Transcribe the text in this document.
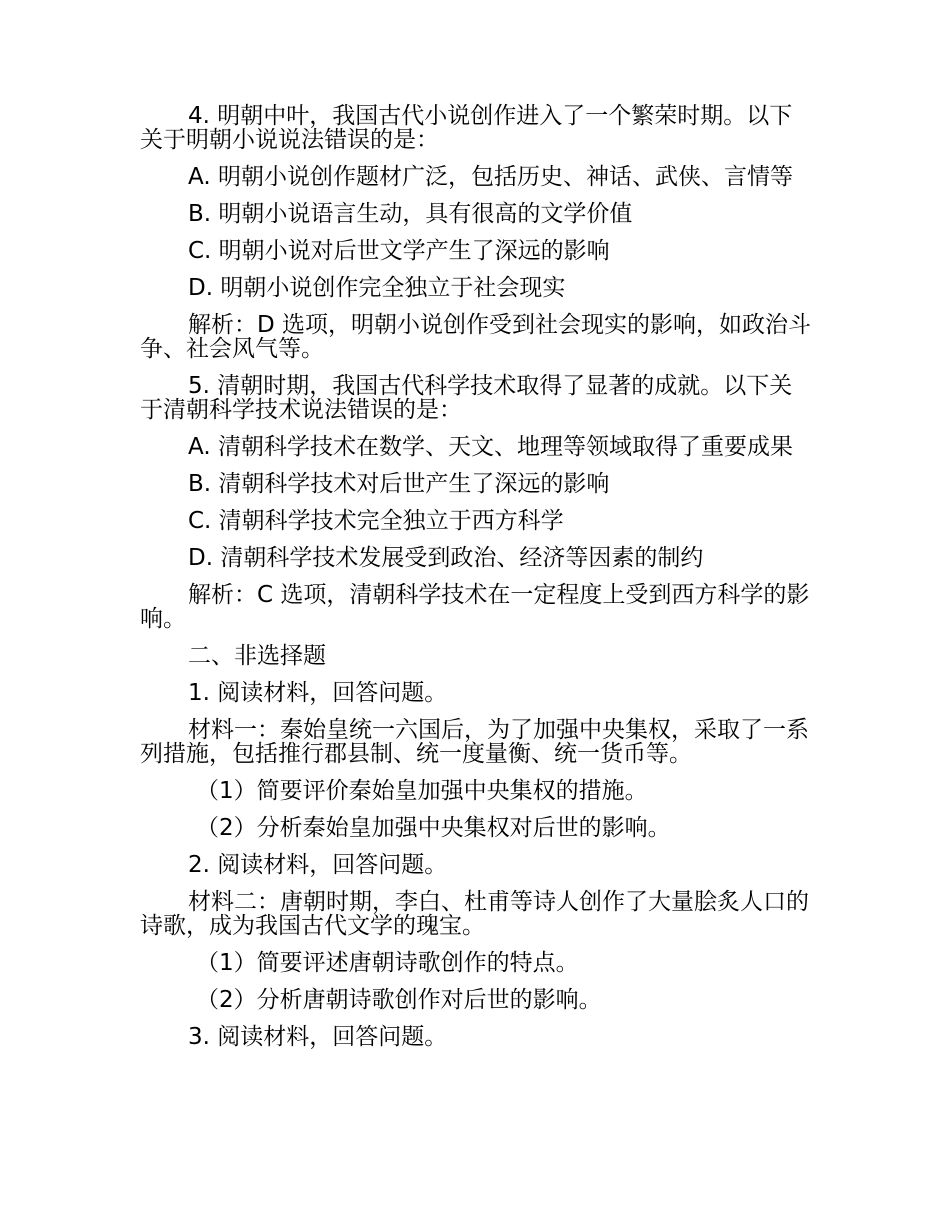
4. 明朝中叶，我国古代小说创作进入了一个繁荣时期。以下关于明朝小说说法错误的是：

A. 明朝小说创作题材广泛，包括历史、神话、武侠、言情等

B. 明朝小说语言生动，具有很高的文学价值

C. 明朝小说对后世文学产生了深远的影响

D. 明朝小说创作完全独立于社会现实

解析：D 选项，明朝小说创作受到社会现实的影响，如政治斗争、社会风气等。

5. 清朝时期，我国古代科学技术取得了显著的成就。以下关于清朝科学技术说法错误的是：

A. 清朝科学技术在数学、天文、地理等领域取得了重要成果

B. 清朝科学技术对后世产生了深远的影响

C. 清朝科学技术完全独立于西方科学

D. 清朝科学技术发展受到政治、经济等因素的制约

解析：C 选项，清朝科学技术在一定程度上受到西方科学的影响。

二、非选择题

1. 阅读材料，回答问题。

材料一：秦始皇统一六国后，为了加强中央集权，采取了一系列措施，包括推行郡县制、统一度量衡、统一货币等。

（1）简要评价秦始皇加强中央集权的措施。

（2）分析秦始皇加强中央集权对后世的影响。

2. 阅读材料，回答问题。

材料二：唐朝时期，李白、杜甫等诗人创作了大量脍炙人口的诗歌，成为我国古代文学的瑰宝。

（1）简要评述唐朝诗歌创作的特点。

（2）分析唐朝诗歌创作对后世的影响。

3. 阅读材料，回答问题。
